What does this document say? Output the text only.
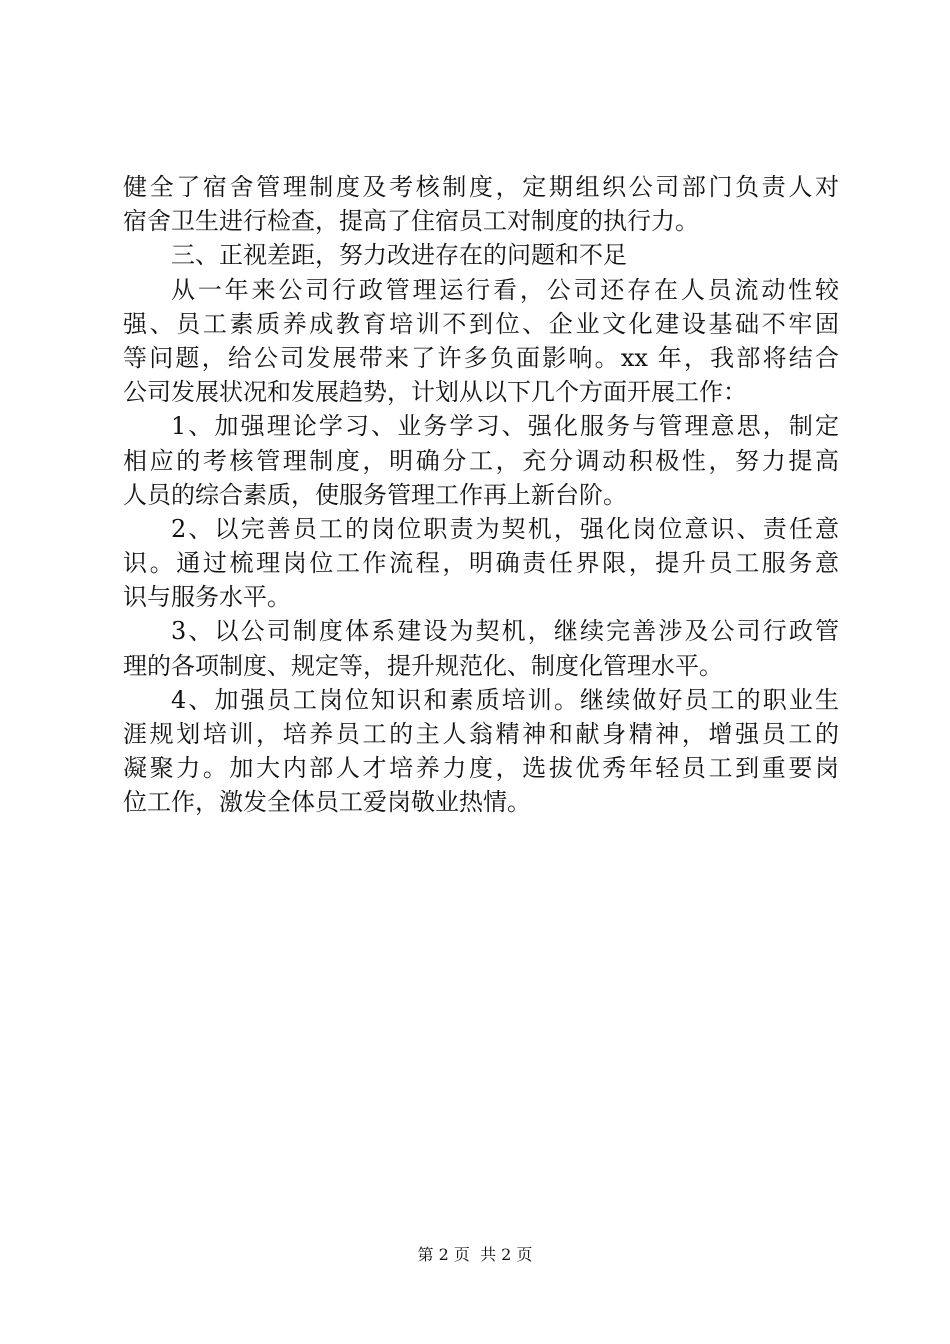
健全了宿舍管理制度及考核制度，定期组织公司部门负责人对
宿舍卫生进行检查，提高了住宿员工对制度的执行力。
三、正视差距，努力改进存在的问题和不足
从一年来公司行政管理运行看，公司还存在人员流动性较
强、员工素质养成教育培训不到位、企业文化建设基础不牢固
等问题，给公司发展带来了许多负面影响。xx 年，我部将结合
公司发展状况和发展趋势，计划从以下几个方面开展工作：
1、加强理论学习、业务学习、强化服务与管理意思，制定
相应的考核管理制度，明确分工，充分调动积极性，努力提高
人员的综合素质，使服务管理工作再上新台阶。
2、以完善员工的岗位职责为契机，强化岗位意识、责任意
识。通过梳理岗位工作流程，明确责任界限，提升员工服务意
识与服务水平。
3、以公司制度体系建设为契机，继续完善涉及公司行政管
理的各项制度、规定等，提升规范化、制度化管理水平。
4、加强员工岗位知识和素质培训。继续做好员工的职业生
涯规划培训，培养员工的主人翁精神和献身精神，增强员工的
凝聚力。加大内部人才培养力度，选拔优秀年轻员工到重要岗
位工作，激发全体员工爱岗敬业热情。
第 2 页  共 2 页
